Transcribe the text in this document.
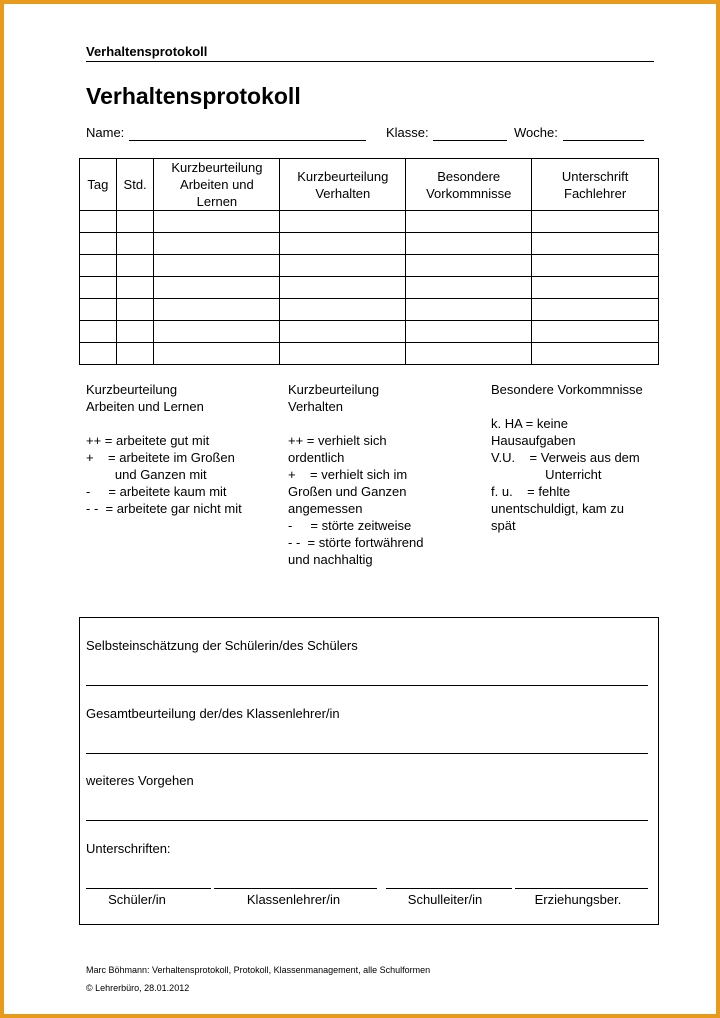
Verhaltensprotokoll
Verhaltensprotokoll
Name:	Klasse:	Woche:
Tag	Std.	Kurzbeurteilung Arbeiten und Lernen	Kurzbeurteilung Verhalten	Besondere Vorkommnisse	Unterschrift Fachlehrer

Kurzbeurteilung
Arbeiten und Lernen
++ = arbeitete gut mit
+    = arbeitete im Großen
und Ganzen mit
-     = arbeitete kaum mit
- -  = arbeitete gar nicht mit
Kurzbeurteilung
Verhalten
++ = verhielt sich
ordentlich
+    = verhielt sich im
Großen und Ganzen
angemessen
-     = störte zeitweise
- -  = störte fortwährend
und nachhaltig
Besondere Vorkommnisse
k. HA = keine
Hausaufgaben
V.U.    = Verweis aus dem
Unterricht
f. u.    = fehlte
unentschuldigt, kam zu
spät
Selbsteinschätzung der Schülerin/des Schülers
Gesamtbeurteilung der/des Klassenlehrer/in
weiteres Vorgehen
Unterschriften:
Schüler/in	Klassenlehrer/in	Schulleiter/in	Erziehungsber.
Marc Böhmann: Verhaltensprotokoll, Protokoll, Klassenmanagement, alle Schulformen
© Lehrerbüro, 28.01.2012
